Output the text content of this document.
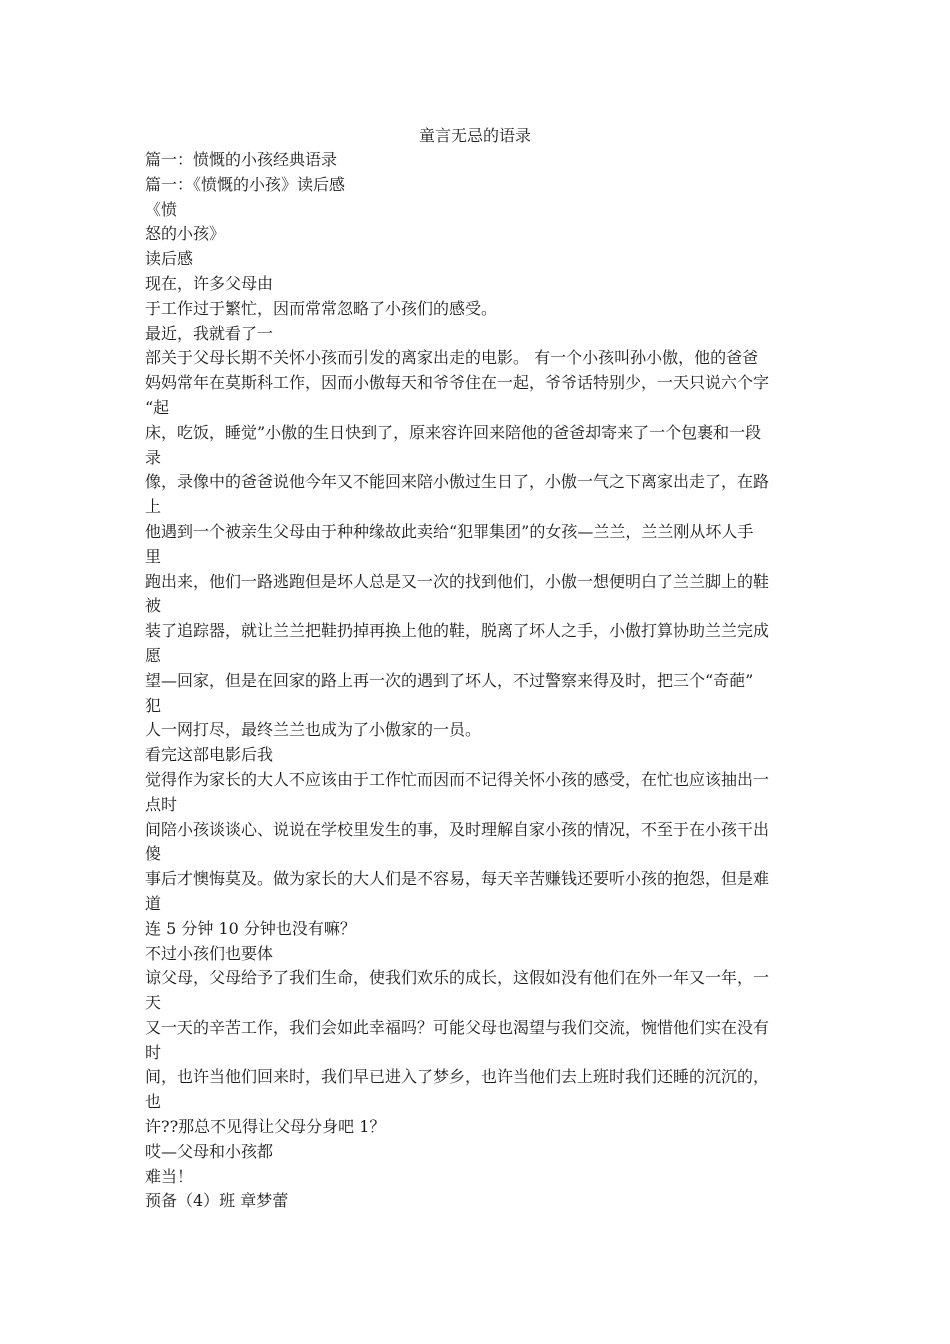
童言无忌的语录
篇一：愤慨的小孩经典语录
篇一：《愤慨的小孩》读后感
《愤
怒的小孩》
读后感
现在，许多父母由
于工作过于繁忙，因而常常忽略了小孩们的感受。
最近，我就看了一
部关于父母长期不关怀小孩而引发的离家出走的电影。 有一个小孩叫孙小傲，他的爸爸
妈妈常年在莫斯科工作，因而小傲每天和爷爷住在一起，爷爷话特别少，一天只说六个字
“起
床，吃饭，睡觉”小傲的生日快到了，原来容许回来陪他的爸爸却寄来了一个包裹和一段
录
像，录像中的爸爸说他今年又不能回来陪小傲过生日了，小傲一气之下离家出走了，在路
上
他遇到一个被亲生父母由于种种缘故此卖给“犯罪集团”的女孩—兰兰，兰兰刚从坏人手
里
跑出来，他们一路逃跑但是坏人总是又一次的找到他们，小傲一想便明白了兰兰脚上的鞋
被
装了追踪器，就让兰兰把鞋扔掉再换上他的鞋，脱离了坏人之手，小傲打算协助兰兰完成
愿
望—回家，但是在回家的路上再一次的遇到了坏人，不过警察来得及时，把三个“奇葩”
犯
人一网打尽，最终兰兰也成为了小傲家的一员。
看完这部电影后我
觉得作为家长的大人不应该由于工作忙而因而不记得关怀小孩的感受，在忙也应该抽出一
点时
间陪小孩谈谈心、说说在学校里发生的事，及时理解自家小孩的情况，不至于在小孩干出
傻
事后才懊悔莫及。做为家长的大人们是不容易，每天辛苦赚钱还要听小孩的抱怨，但是难
道
连 5 分钟 10 分钟也没有嘛？
不过小孩们也要体
谅父母，父母给予了我们生命，使我们欢乐的成长，这假如没有他们在外一年又一年，一
天
又一天的辛苦工作，我们会如此幸福吗？可能父母也渴望与我们交流，惋惜他们实在没有
时
间，也许当他们回来时，我们早已进入了梦乡，也许当他们去上班时我们还睡的沉沉的，
也
许??那总不见得让父母分身吧 1？
哎—父母和小孩都
难当！
预备（4）班 章梦蕾
